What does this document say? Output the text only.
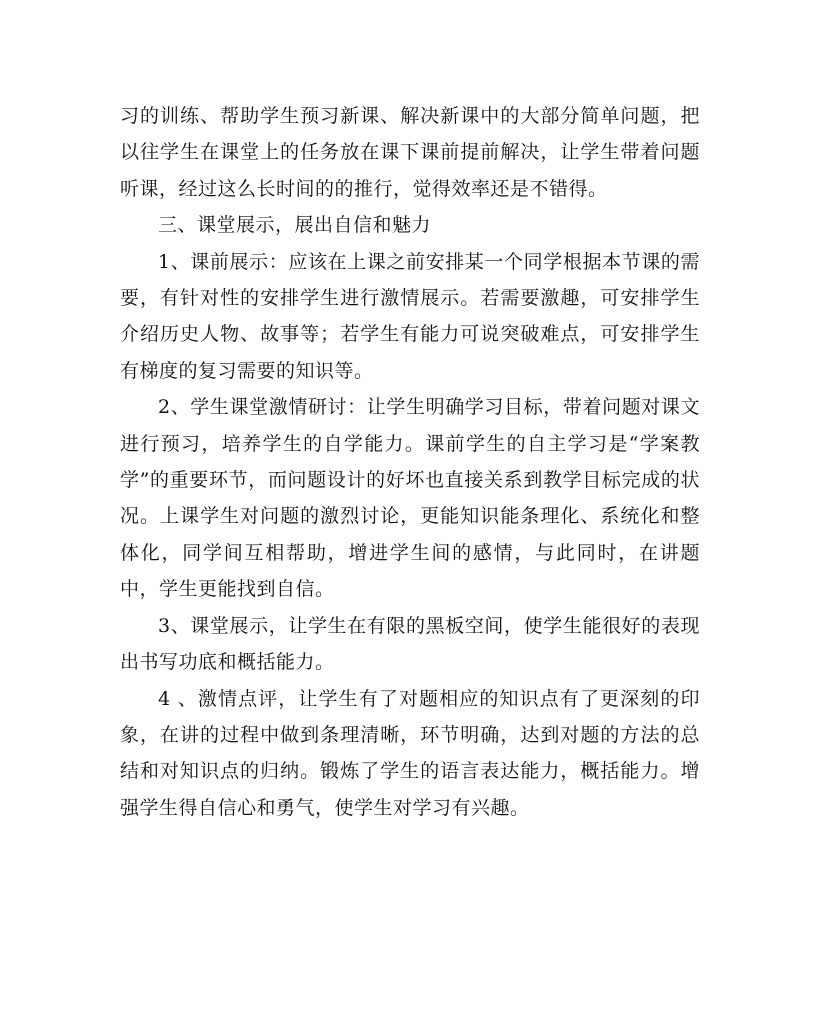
习的训练、帮助学生预习新课、解决新课中的大部分简单问题，把以往学生在课堂上的任务放在课下课前提前解决，让学生带着问题听课，经过这么长时间的的推行，觉得效率还是不错得。

三、课堂展示，展出自信和魅力

1、课前展示：应该在上课之前安排某一个同学根据本节课的需要，有针对性的安排学生进行激情展示。若需要激趣，可安排学生介绍历史人物、故事等；若学生有能力可说突破难点，可安排学生有梯度的复习需要的知识等。

2、学生课堂激情研讨：让学生明确学习目标，带着问题对课文进行预习，培养学生的自学能力。课前学生的自主学习是“学案教学”的重要环节，而问题设计的好坏也直接关系到教学目标完成的状况。上课学生对问题的激烈讨论，更能知识能条理化、系统化和整体化，同学间互相帮助，增进学生间的感情，与此同时，在讲题中，学生更能找到自信。

3、课堂展示，让学生在有限的黑板空间，使学生能很好的表现出书写功底和概括能力。

4 、激情点评，让学生有了对题相应的知识点有了更深刻的印象，在讲的过程中做到条理清晰，环节明确，达到对题的方法的总结和对知识点的归纳。锻炼了学生的语言表达能力，概括能力。增强学生得自信心和勇气，使学生对学习有兴趣。
